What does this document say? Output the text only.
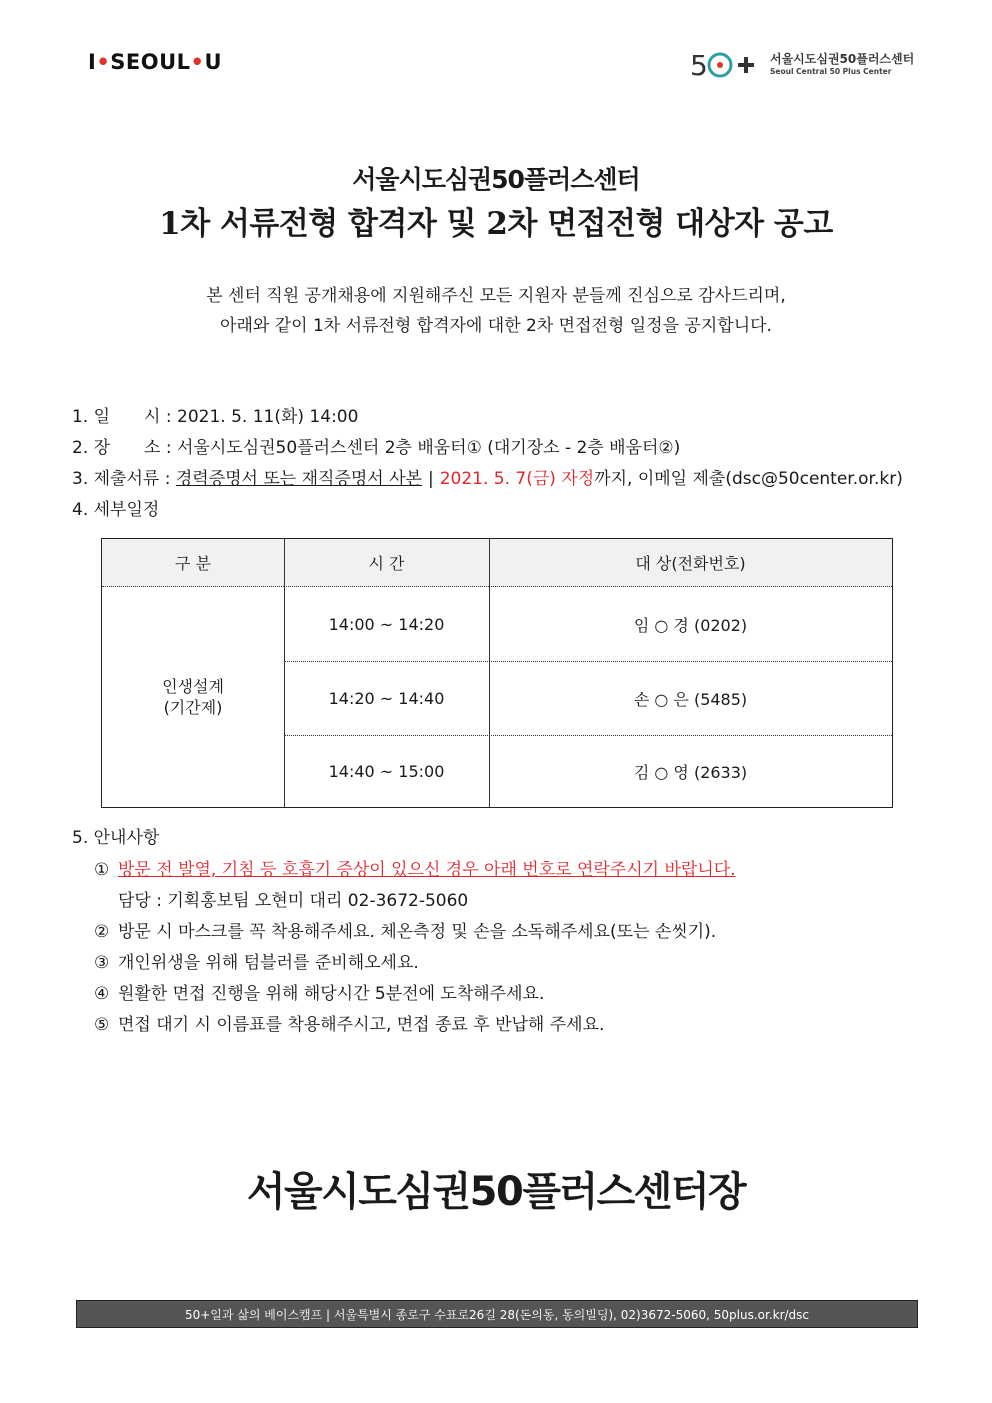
I•SEOUL•U	5	서울시도심권50플러스센터
Seoul Central 50 Plus Center
서울시도심권50플러스센터
1차 서류전형 합격자 및 2차 면접전형 대상자 공고
본 센터 직원 공개채용에 지원해주신 모든 지원자 분들께 진심으로 감사드리며,
아래와 같이 1차 서류전형 합격자에 대한 2차 면접전형 일정을 공지합니다.
1. 일　　시 : 2021. 5. 11(화) 14:00
2. 장　　소 : 서울시도심권50플러스센터 2층 배움터① (대기장소 - 2층 배움터②)
3. 제출서류 : 경력증명서 또는 재직증명서 사본 | 2021. 5. 7(금) 자정까지, 이메일 제출(dsc@50center.or.kr)
4. 세부일정
구 분	시 간	대 상(전화번호)
인생설계
(기간제)
14:00 ~ 14:20	임 ○ 경 (0202)
14:20 ~ 14:40	손 ○ 은 (5485)
14:40 ~ 15:00	김 ○ 영 (2633)
5. 안내사항
① 방문 전 발열, 기침 등 호흡기 증상이 있으신 경우 아래 번호로 연락주시기 바랍니다.
담당 : 기획홍보팀 오현미 대리 02-3672-5060
② 방문 시 마스크를 꼭 착용해주세요. 체온측정 및 손을 소독해주세요(또는 손씻기).
③ 개인위생을 위해 텀블러를 준비해오세요.
④ 원활한 면접 진행을 위해 해당시간 5분전에 도착해주세요.
⑤ 면접 대기 시 이름표를 착용해주시고, 면접 종료 후 반납해 주세요.
서울시도심권50플러스센터장
50+일과 삶의 베이스캠프 | 서울특별시 종로구 수표로26길 28(돈의동, 동의빌딩), 02)3672-5060, 50plus.or.kr/dsc
